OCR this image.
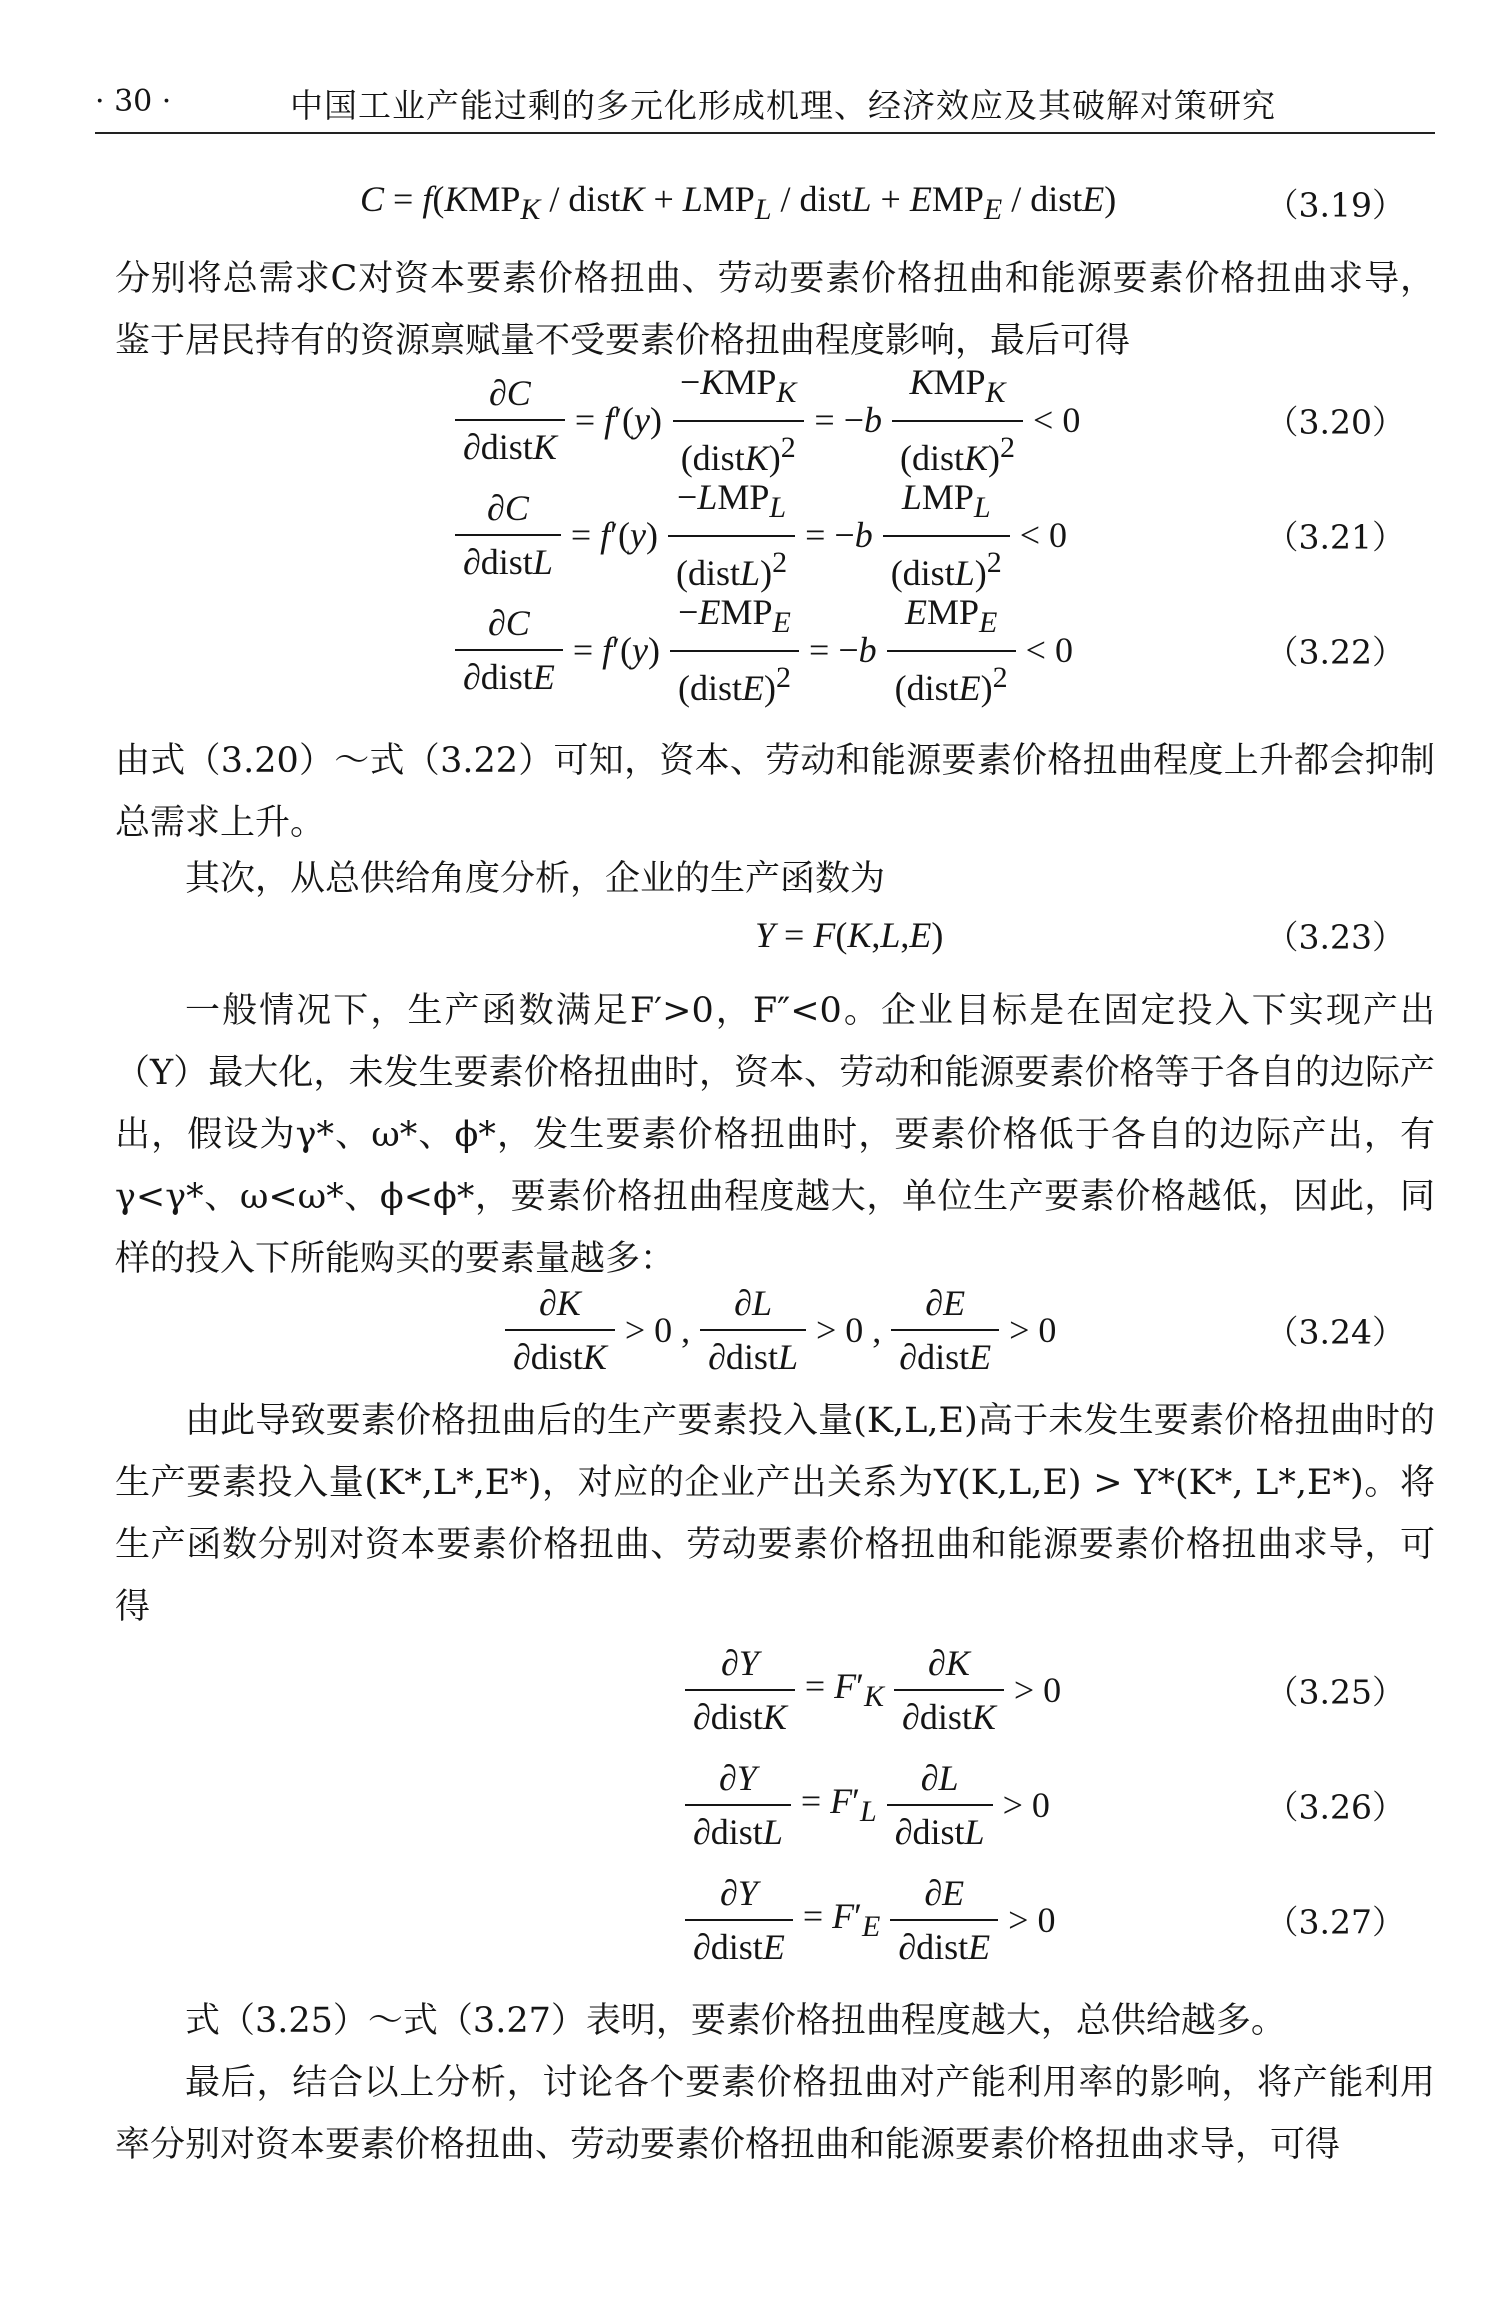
· 30 ·	中国工业产能过剩的多元化形成机理、经济效应及其破解对策研究
$C = f(KMP_K$ / distK + $LMP_L$ / distL + $EMP_E$ / distE)	（3.19）

分别将总需求C对资本要素价格扭曲、劳动要素价格扭曲和能源要素价格扭曲求导，鉴于居民持有的资源禀赋量不受要素价格扭曲程度影响，最后可得

$\frac{\partial C}{\text{∂distK}} = f'(y) \frac{-KMP_K}{(distK)^2} = -b \frac{KMP_K}{(distK)^2} < 0$	（3.20）
$\frac{\partial C}{\text{∂distL}} = f'(y) \frac{-LMP_L}{(distL)^2} = -b \frac{LMP_L}{(distL)^2} < 0$	（3.21）
$\frac{\partial C}{\text{∂distE}} = f'(y) \frac{-EMP_E}{(distE)^2} = -b \frac{EMP_E}{(distE)^2} < 0$	（3.22）

由式（3.20）～式（3.22）可知，资本、劳动和能源要素价格扭曲程度上升都会抑制总需求上升。

其次，从总供给角度分析，企业的生产函数为

Y = F(K,L,E)	（3.23）

一般情况下，生产函数满足F′>0，F″<0。企业目标是在固定投入下实现产出（Y）最大化，未发生要素价格扭曲时，资本、劳动和能源要素价格等于各自的边际产出，假设为γ*、ω*、ϕ*，发生要素价格扭曲时，要素价格低于各自的边际产出，有γ<γ*、ω<ω*、ϕ<ϕ*，要素价格扭曲程度越大，单位生产要素价格越低，因此，同样的投入下所能购买的要素量越多：

$\frac{\partial K}{\text{∂distK}} > 0$ , $\frac{\partial L}{\text{∂distL}} > 0$ , $\frac{\partial E}{\text{∂distE}} > 0$	（3.24）

由此导致要素价格扭曲后的生产要素投入量(K,L,E)高于未发生要素价格扭曲时的生产要素投入量(K*,L*,E*)，对应的企业产出关系为Y(K,L,E) > Y*(K*, L*,E*)。将生产函数分别对资本要素价格扭曲、劳动要素价格扭曲和能源要素价格扭曲求导，可得

$\frac{\partial Y}{\text{∂distK}} = F'_K \frac{\partial K}{\text{∂distK}} > 0$	（3.25）
$\frac{\partial Y}{\text{∂distL}} = F'_L \frac{\partial L}{\text{∂distL}} > 0$	（3.26）
$\frac{\partial Y}{\text{∂distE}} = F'_E \frac{\partial E}{\text{∂distE}} > 0$	（3.27）

式（3.25）～式（3.27）表明，要素价格扭曲程度越大，总供给越多。

最后，结合以上分析，讨论各个要素价格扭曲对产能利用率的影响，将产能利用率分别对资本要素价格扭曲、劳动要素价格扭曲和能源要素价格扭曲求导，可得
